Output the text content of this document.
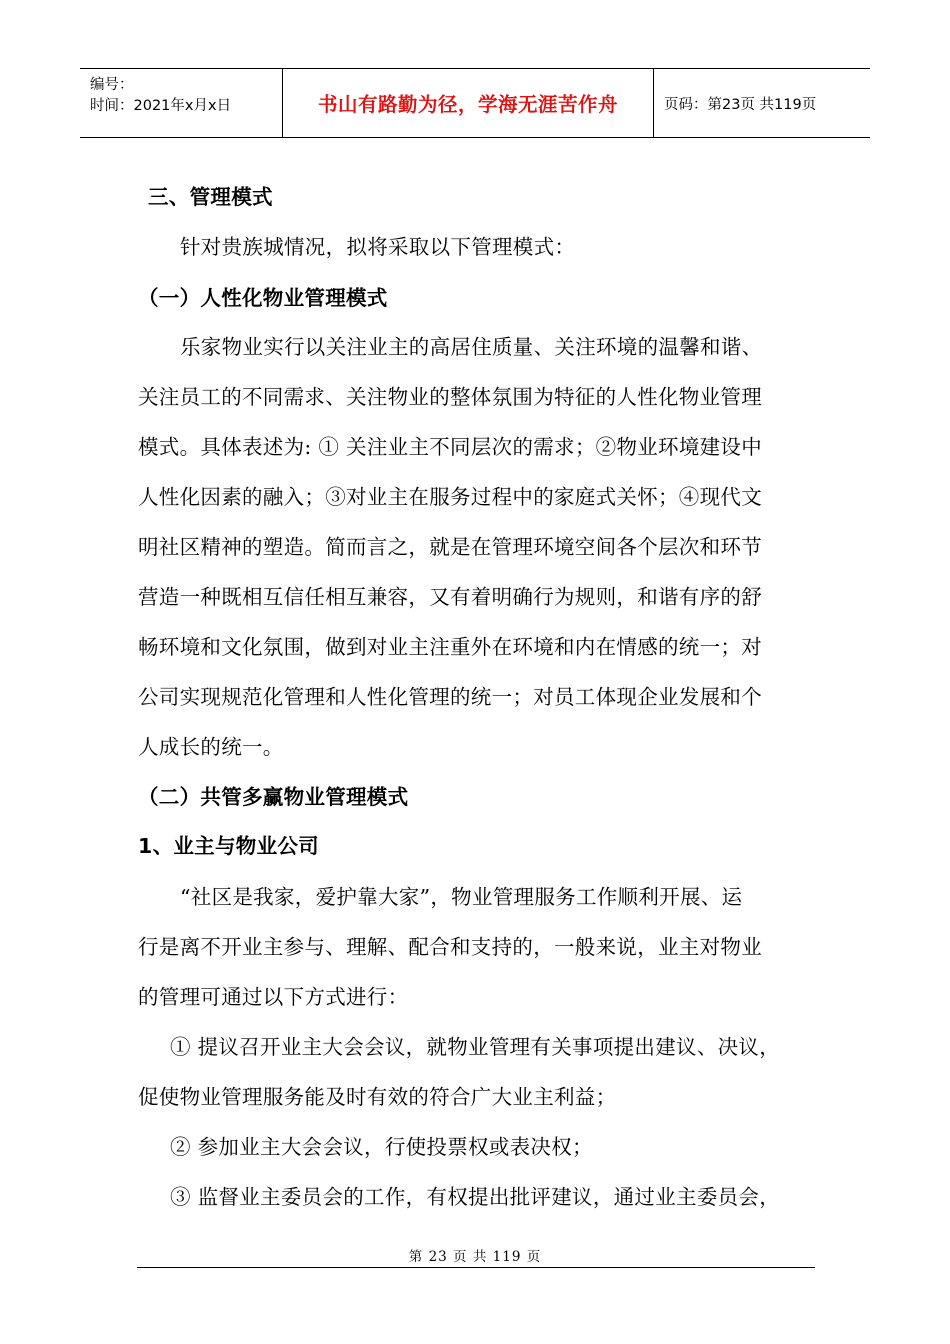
编号：
时间：2021年x月x日	书山有路勤为径，学海无涯苦作舟	页码：第23页 共119页
三、管理模式
针对贵族城情况，拟将采取以下管理模式：
（一）人性化物业管理模式
乐家物业实行以关注业主的高居住质量、关注环境的温馨和谐、
关注员工的不同需求、关注物业的整体氛围为特征的人性化物业管理
模式。具体表述为: ① 关注业主不同层次的需求；②物业环境建设中
人性化因素的融入；③对业主在服务过程中的家庭式关怀；④现代文
明社区精神的塑造。简而言之，就是在管理环境空间各个层次和环节
营造一种既相互信任相互兼容，又有着明确行为规则，和谐有序的舒
畅环境和文化氛围，做到对业主注重外在环境和内在情感的统一；对
公司实现规范化管理和人性化管理的统一；对员工体现企业发展和个
人成长的统一。
（二）共管多赢物业管理模式
1、业主与物业公司
“社区是我家，爱护靠大家”，物业管理服务工作顺利开展、运
行是离不开业主参与、理解、配合和支持的，一般来说，业主对物业
的管理可通过以下方式进行：
① 提议召开业主大会会议，就物业管理有关事项提出建议、决议，
促使物业管理服务能及时有效的符合广大业主利益；
② 参加业主大会会议，行使投票权或表决权；
③ 监督业主委员会的工作，有权提出批评建议，通过业主委员会，
第 23 页 共 119 页
